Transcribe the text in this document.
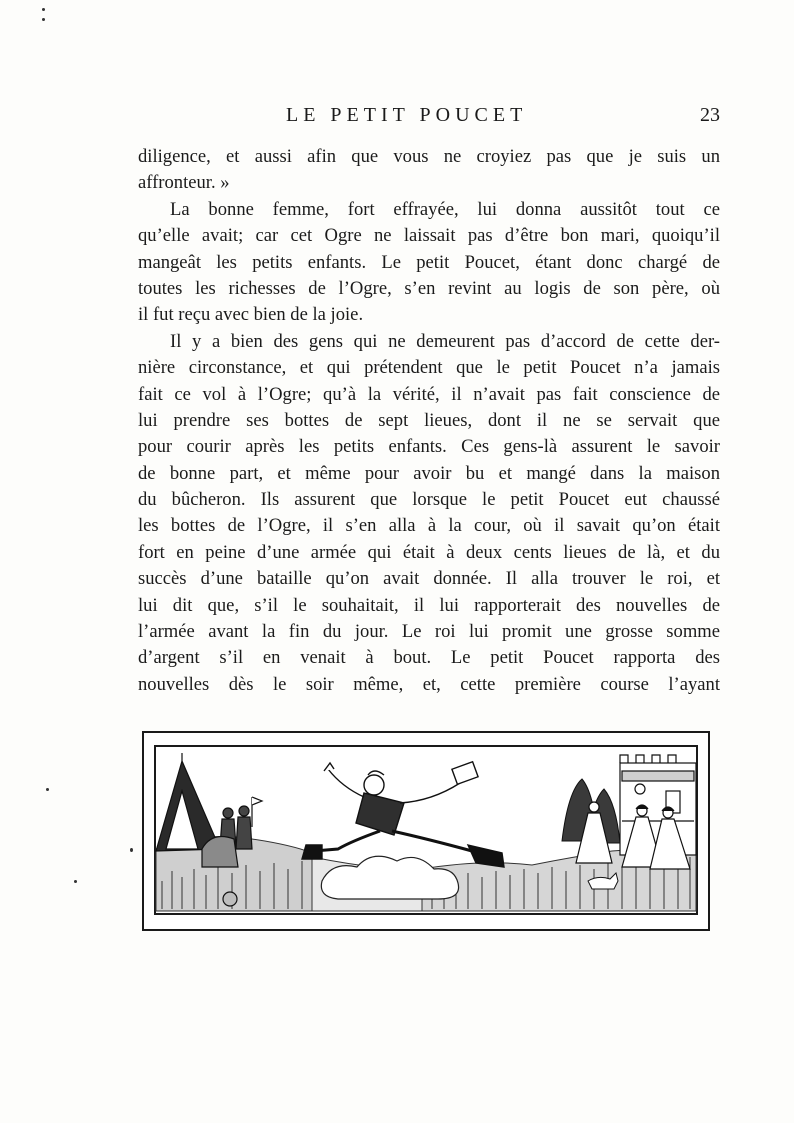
LE PETIT POUCET	23
diligence, et aussi afin que vous ne croyiez pas que je suis un
affronteur. »
La bonne femme, fort effrayée, lui donna aussitôt tout ce
qu’elle avait; car cet Ogre ne laissait pas d’être bon mari, quoiqu’il
mangeât les petits enfants. Le petit Poucet, étant donc chargé de
toutes les richesses de l’Ogre, s’en revint au logis de son père, où
il fut reçu avec bien de la joie.
Il y a bien des gens qui ne demeurent pas d’accord de cette der-
nière circonstance, et qui prétendent que le petit Poucet n’a jamais
fait ce vol à l’Ogre; qu’à la vérité, il n’avait pas fait conscience de
lui prendre ses bottes de sept lieues, dont il ne se servait que
pour courir après les petits enfants. Ces gens-là assurent le savoir
de bonne part, et même pour avoir bu et mangé dans la maison
du bûcheron. Ils assurent que lorsque le petit Poucet eut chaussé
les bottes de l’Ogre, il s’en alla à la cour, où il savait qu’on était
fort en peine d’une armée qui était à deux cents lieues de là, et du
succès d’une bataille qu’on avait donnée. Il alla trouver le roi, et
lui dit que, s’il le souhaitait, il lui rapporterait des nouvelles de
l’armée avant la fin du jour. Le roi lui promit une grosse somme
d’argent s’il en venait à bout. Le petit Poucet rapporta des
nouvelles dès le soir même, et, cette première course l’ayant
